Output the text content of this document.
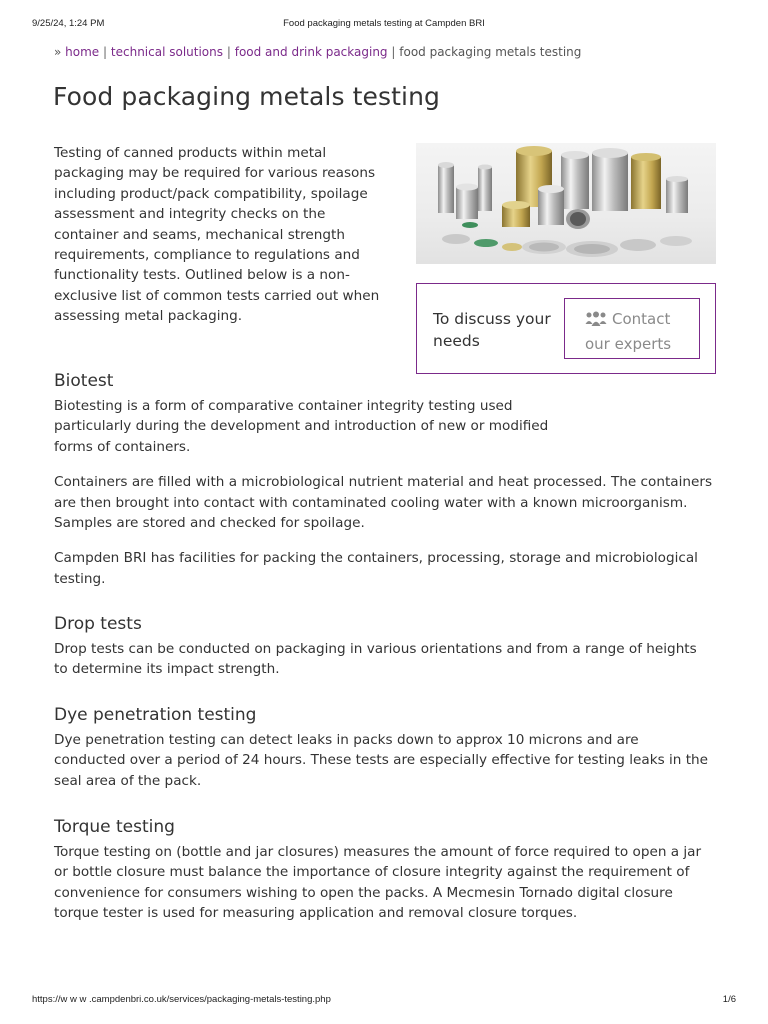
9/25/24, 1:24 PM	Food packaging metals testing at Campden BRI
» home | technical solutions | food and drink packaging | food packaging metals testing
Food packaging metals testing

Testing of canned products within metal packaging may be required for various reasons including product/pack compatibility, spoilage assessment and integrity checks on the container and seams, mechanical strength requirements, compliance to regulations and functionality tests. Outlined below is a non-exclusive list of common tests carried out when assessing metal packaging.	To discuss your needs
Contact our experts
Biotest

Biotesting is a form of comparative container integrity testing used particularly during the development and introduction of new or modified forms of containers.

Containers are filled with a microbiological nutrient material and heat processed. The containers are then brought into contact with contaminated cooling water with a known microorganism. Samples are stored and checked for spoilage.

Campden BRI has facilities for packing the containers, processing, storage and microbiological testing.

Drop tests

Drop tests can be conducted on packaging in various orientations and from a range of heights to determine its impact strength.

Dye penetration testing

Dye penetration testing can detect leaks in packs down to approx 10 microns and are conducted over a period of 24 hours. These tests are especially effective for testing leaks in the seal area of the pack.

Torque testing

Torque testing on (bottle and jar closures) measures the amount of force required to open a jar or bottle closure must balance the importance of closure integrity against the requirement of convenience for consumers wishing to open the packs. A Mecmesin Tornado digital closure torque tester is used for measuring application and removal closure torques.

https://w w w .campdenbri.co.uk/services/packaging-metals-testing.php	1/6
